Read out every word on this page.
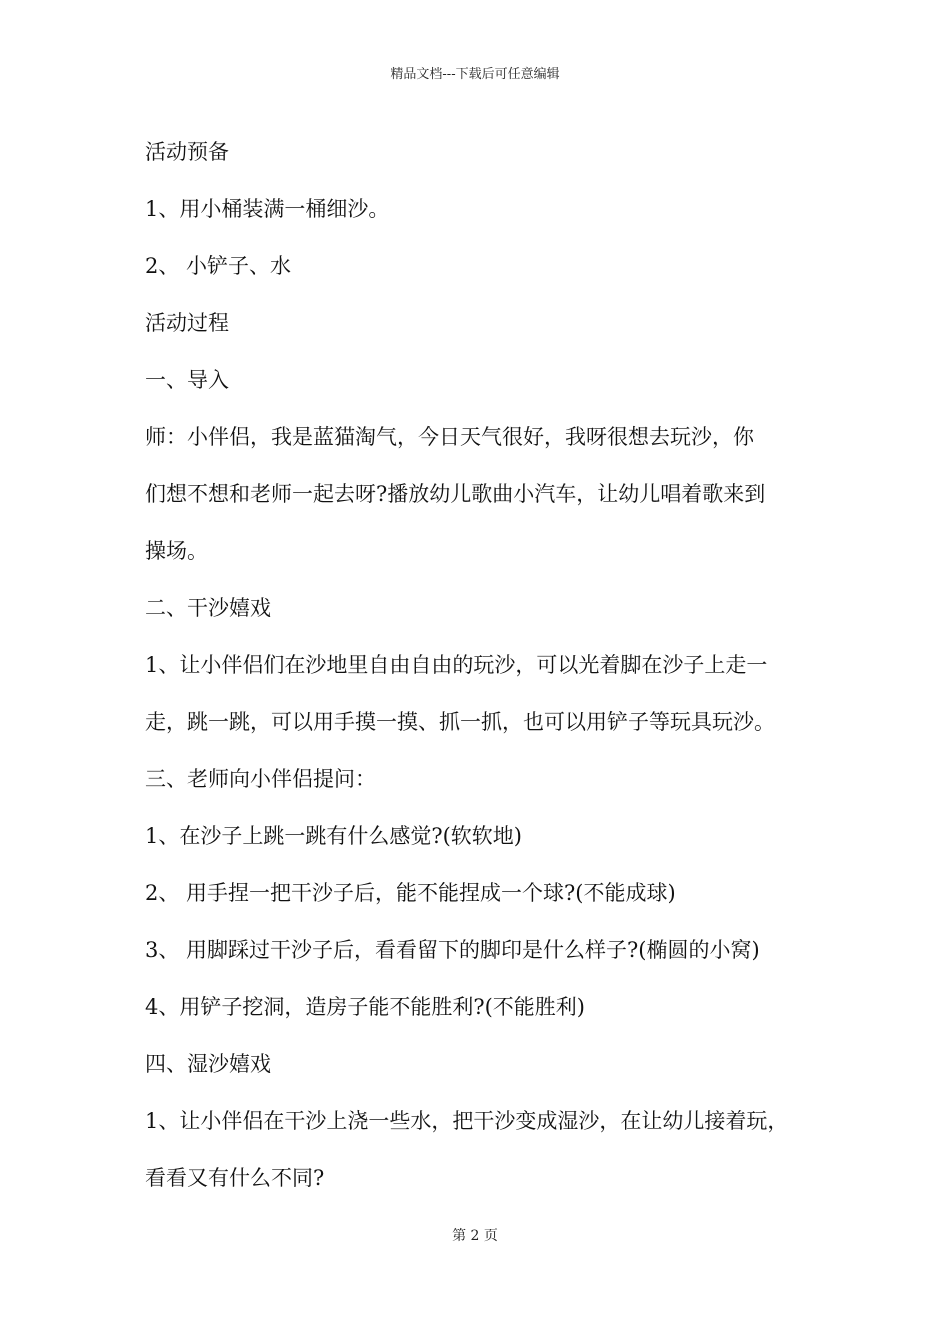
精品文档---下载后可任意编辑
活动预备
1、用小桶装满一桶细沙。
2、 小铲子、水
活动过程
一、导入
师：小伴侣，我是蓝猫淘气，今日天气很好，我呀很想去玩沙，你
们想不想和老师一起去呀?播放幼儿歌曲小汽车，让幼儿唱着歌来到
操场。
二、干沙嬉戏
1、让小伴侣们在沙地里自由自由的玩沙，可以光着脚在沙子上走一
走，跳一跳，可以用手摸一摸、抓一抓，也可以用铲子等玩具玩沙。
三、老师向小伴侣提问：
1、在沙子上跳一跳有什么感觉?(软软地)
2、 用手捏一把干沙子后，能不能捏成一个球?(不能成球)
3、 用脚踩过干沙子后，看看留下的脚印是什么样子?(椭圆的小窝)
4、用铲子挖洞，造房子能不能胜利?(不能胜利)
四、湿沙嬉戏
1、让小伴侣在干沙上浇一些水，把干沙变成湿沙，在让幼儿接着玩，
看看又有什么不同?
第 2 页
